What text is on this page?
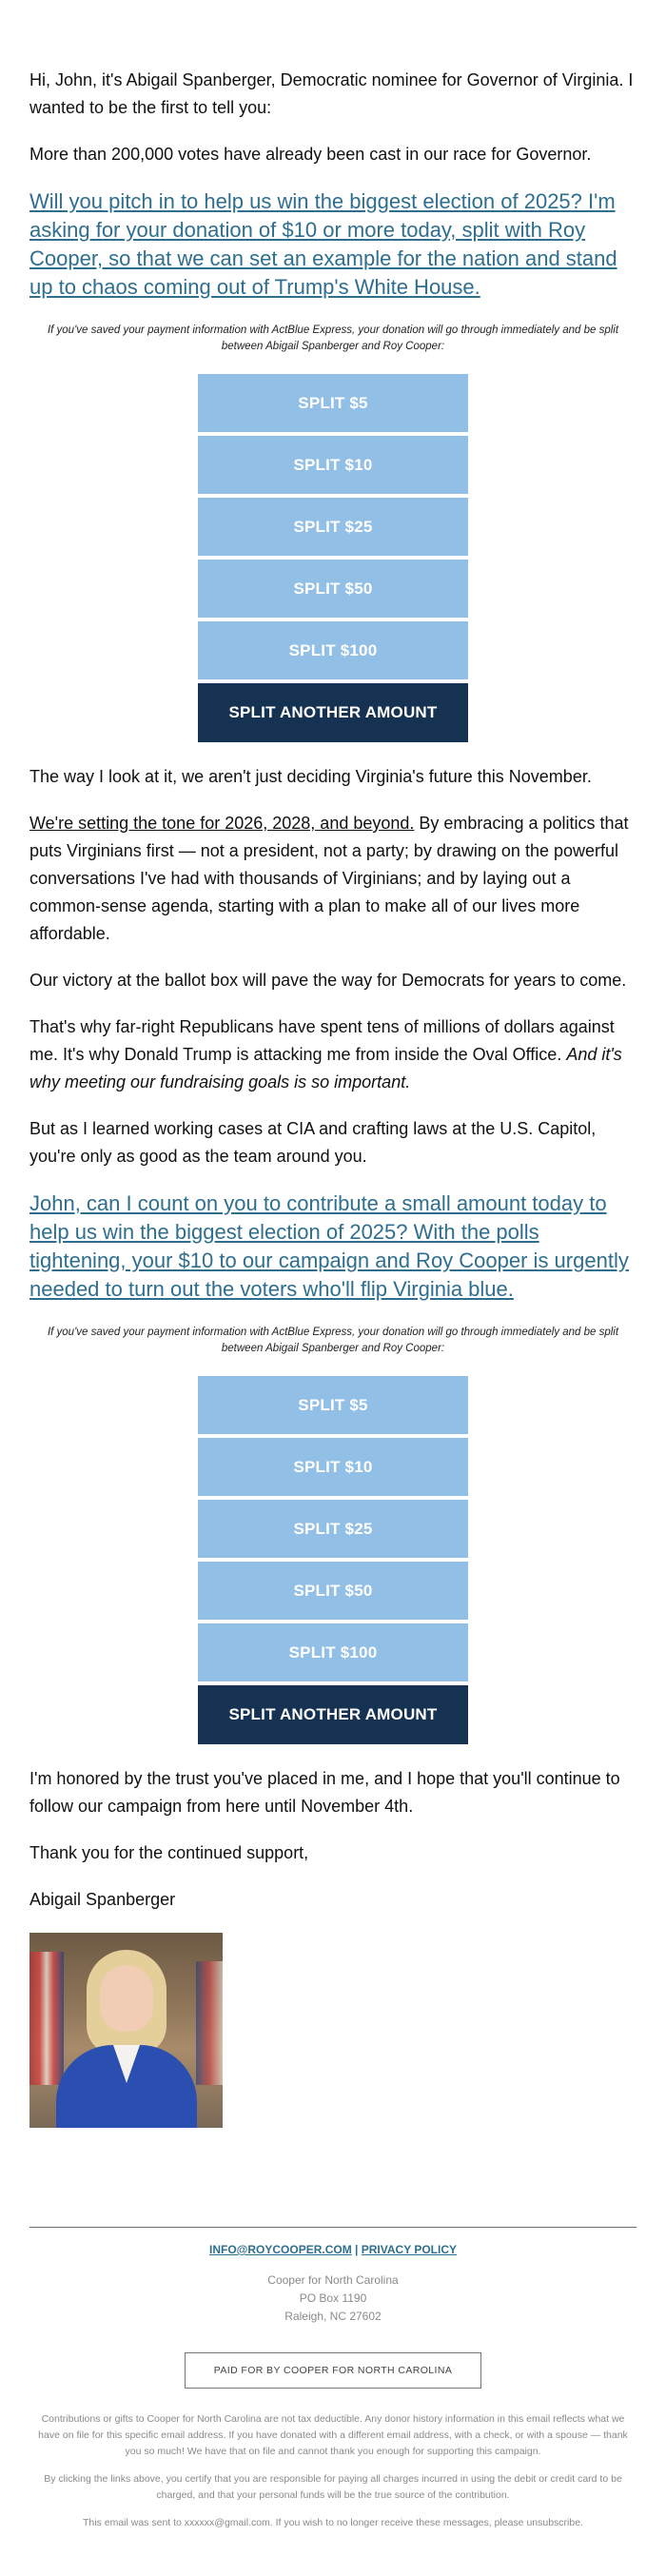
Hi, John, it's Abigail Spanberger, Democratic nominee for Governor of Virginia. I wanted to be the first to tell you:

More than 200,000 votes have already been cast in our race for Governor.

Will you pitch in to help us win the biggest election of 2025? I'm asking for your donation of $10 or more today, split with Roy Cooper, so that we can set an example for the nation and stand up to chaos coming out of Trump's White House.

If you've saved your payment information with ActBlue Express, your donation will go through immediately and be split between Abigail Spanberger and Roy Cooper:

SPLIT $5
SPLIT $10
SPLIT $25
SPLIT $50
SPLIT $100
SPLIT ANOTHER AMOUNT

The way I look at it, we aren't just deciding Virginia's future this November.

We're setting the tone for 2026, 2028, and beyond. By embracing a politics that puts Virginians first — not a president, not a party; by drawing on the powerful conversations I've had with thousands of Virginians; and by laying out a common-sense agenda, starting with a plan to make all of our lives more affordable.

Our victory at the ballot box will pave the way for Democrats for years to come.

That's why far-right Republicans have spent tens of millions of dollars against me. It's why Donald Trump is attacking me from inside the Oval Office. And it's why meeting our fundraising goals is so important.

But as I learned working cases at CIA and crafting laws at the U.S. Capitol, you're only as good as the team around you.

John, can I count on you to contribute a small amount today to help us win the biggest election of 2025? With the polls tightening, your $10 to our campaign and Roy Cooper is urgently needed to turn out the voters who'll flip Virginia blue.

If you've saved your payment information with ActBlue Express, your donation will go through immediately and be split between Abigail Spanberger and Roy Cooper:

SPLIT $5
SPLIT $10
SPLIT $25
SPLIT $50
SPLIT $100
SPLIT ANOTHER AMOUNT

I'm honored by the trust you've placed in me, and I hope that you'll continue to follow our campaign from here until November 4th.

Thank you for the continued support,

Abigail Spanberger

INFO@ROYCOOPER.COM | PRIVACY POLICY

Cooper for North Carolina
PO Box 1190
Raleigh, NC 27602
PAID FOR BY COOPER FOR NORTH CAROLINA

Contributions or gifts to Cooper for North Carolina are not tax deductible. Any donor history information in this email reflects what we have on file for this specific email address. If you have donated with a different email address, with a check, or with a spouse — thank you so much! We have that on file and cannot thank you enough for supporting this campaign.

By clicking the links above, you certify that you are responsible for paying all charges incurred in using the debit or credit card to be charged, and that your personal funds will be the true source of the contribution.

This email was sent to xxxxxx@gmail.com. If you wish to no longer receive these messages, please unsubscribe.
